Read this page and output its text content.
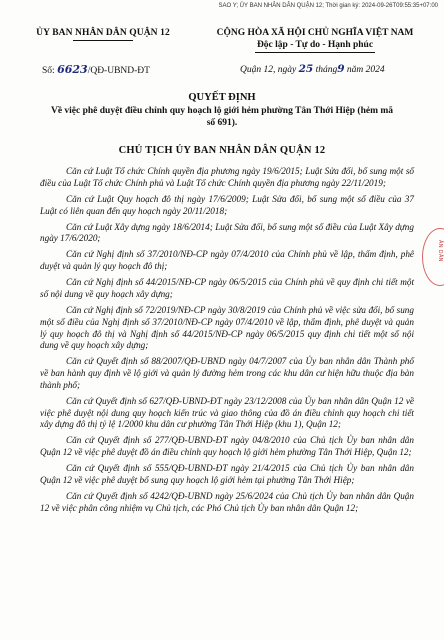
SAO Y; ỦY BAN NHÂN DÂN QUẬN 12; Thời gian ký: 2024-09-26T09:55:35+07:00
ỦY BAN NHÂN DÂN QUẬN 12
Số: 6623/QĐ-UBND-ĐT
CỘNG HÒA XÃ HỘI CHỦ NGHĨA VIỆT NAM
Độc lập - Tự do - Hạnh phúc
Quận 12, ngày 25 tháng9 năm 2024
QUYẾT ĐỊNH
Về việc phê duyệt điều chỉnh quy hoạch lộ giới hẻm phường Tân Thới Hiệp (hẻm mã số 691).
CHỦ TỊCH ỦY BAN NHÂN DÂN QUẬN 12

Căn cứ Luật Tổ chức Chính quyền địa phương ngày 19/6/2015; Luật Sửa đổi, bổ sung một số điều của Luật Tổ chức Chính phủ và Luật Tổ chức Chính quyền địa phương ngày 22/11/2019;

Căn cứ Luật Quy hoạch đô thị ngày 17/6/2009; Luật Sửa đổi, bổ sung một số điều của 37 Luật có liên quan đến quy hoạch ngày 20/11/2018;

Căn cứ Luật Xây dựng ngày 18/6/2014; Luật Sửa đổi, bổ sung một số điều của Luật Xây dựng ngày 17/6/2020;

Căn cứ Nghị định số 37/2010/NĐ-CP ngày 07/4/2010 của Chính phủ về lập, thẩm định, phê duyệt và quản lý quy hoạch đô thị;

Căn cứ Nghị định số 44/2015/NĐ-CP ngày 06/5/2015 của Chính phủ về quy định chi tiết một số nội dung về quy hoạch xây dựng;

Căn cứ Nghị định số 72/2019/NĐ-CP ngày 30/8/2019 của Chính phủ về việc sửa đổi, bổ sung một số điều của Nghị định số 37/2010/NĐ-CP ngày 07/4/2010 về lập, thẩm định, phê duyệt và quản lý quy hoạch đô thị và Nghị định số 44/2015/NĐ-CP ngày 06/5/2015 quy định chi tiết một số nội dung về quy hoạch xây dựng;

Căn cứ Quyết định số 88/2007/QĐ-UBND ngày 04/7/2007 của Ủy ban nhân dân Thành phố về ban hành quy định về lộ giới và quản lý đường hẻm trong các khu dân cư hiện hữu thuộc địa bàn thành phố;

Căn cứ Quyết định số 627/QĐ-UBND-ĐT ngày 23/12/2008 của Ủy ban nhân dân Quận 12 về việc phê duyệt nội dung quy hoạch kiến trúc và giao thông của đồ án điều chỉnh quy hoạch chi tiết xây dựng đô thị tỷ lệ 1/2000 khu dân cư phường Tân Thới Hiệp (khu 1), Quận 12;

Căn cứ Quyết định số 277/QĐ-UBND-ĐT ngày 04/8/2010 của Chủ tịch Ủy ban nhân dân Quận 12 về việc phê duyệt đồ án điều chỉnh quy hoạch lộ giới hẻm phường Tân Thới Hiệp, Quận 12;

Căn cứ Quyết định số 555/QĐ-UBND-ĐT ngày 21/4/2015 của Chủ tịch Ủy ban nhân dân Quận 12 về việc phê duyệt bổ sung quy hoạch lộ giới hẻm tại phường Tân Thới Hiệp;

Căn cứ Quyết định số 4242/QĐ-UBND ngày 25/6/2024 của Chủ tịch Ủy ban nhân dân Quận 12 về việc phân công nhiệm vụ Chủ tịch, các Phó Chủ tịch Ủy ban nhân dân Quận 12;

ÂN DÂN
